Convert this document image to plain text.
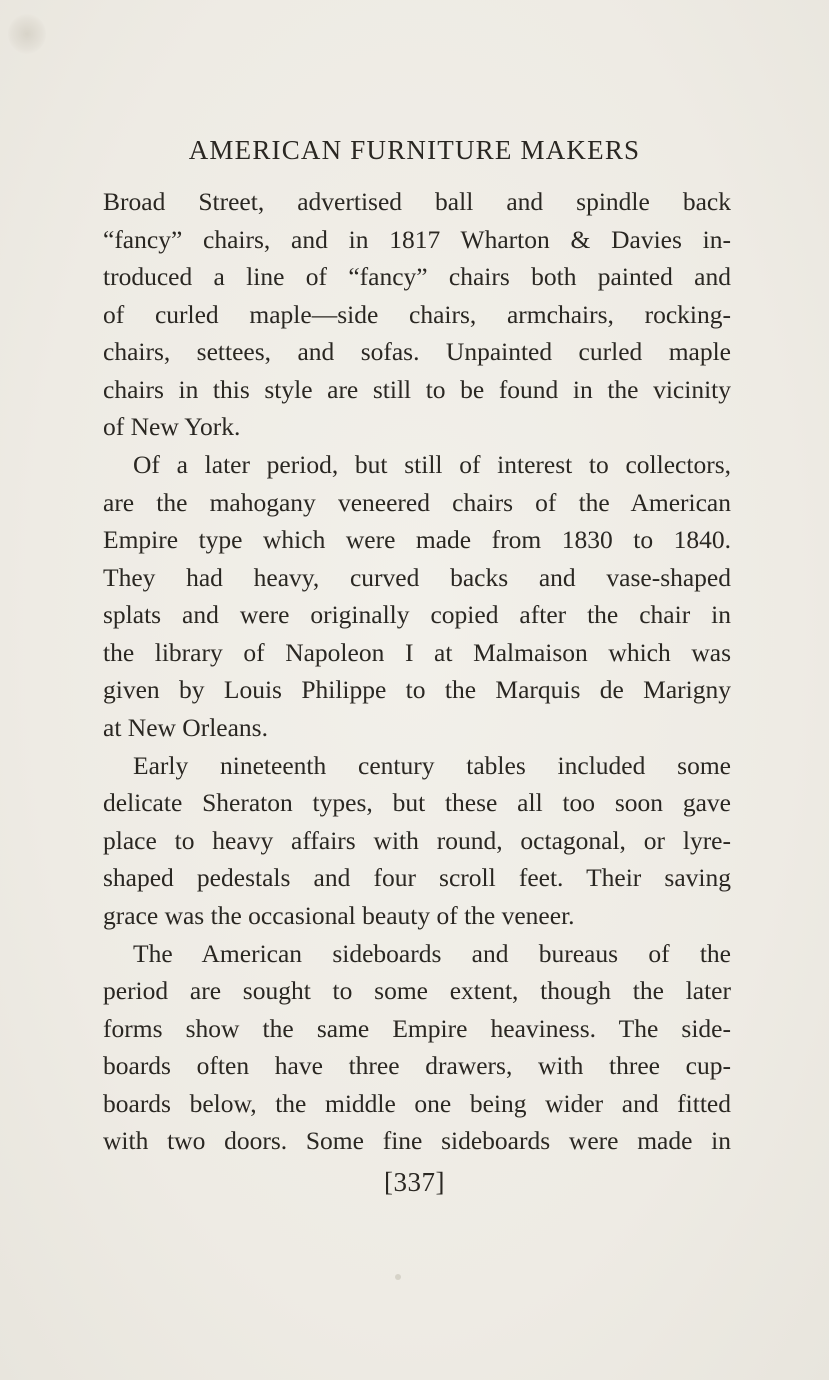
AMERICAN FURNITURE MAKERS
Broad Street, advertised ball and spindle back
“fancy” chairs, and in 1817 Wharton & Davies in-
troduced a line of “fancy” chairs both painted and
of curled maple—side chairs, armchairs, rocking-
chairs, settees, and sofas. Unpainted curled maple
chairs in this style are still to be found in the vicinity
of New York.
Of a later period, but still of interest to collectors,
are the mahogany veneered chairs of the American
Empire type which were made from 1830 to 1840.
They had heavy, curved backs and vase-shaped
splats and were originally copied after the chair in
the library of Napoleon I at Malmaison which was
given by Louis Philippe to the Marquis de Marigny
at New Orleans.
Early nineteenth century tables included some
delicate Sheraton types, but these all too soon gave
place to heavy affairs with round, octagonal, or lyre-
shaped pedestals and four scroll feet. Their saving
grace was the occasional beauty of the veneer.
The American sideboards and bureaus of the
period are sought to some extent, though the later
forms show the same Empire heaviness. The side-
boards often have three drawers, with three cup-
boards below, the middle one being wider and fitted
with two doors. Some fine sideboards were made in
[337]
